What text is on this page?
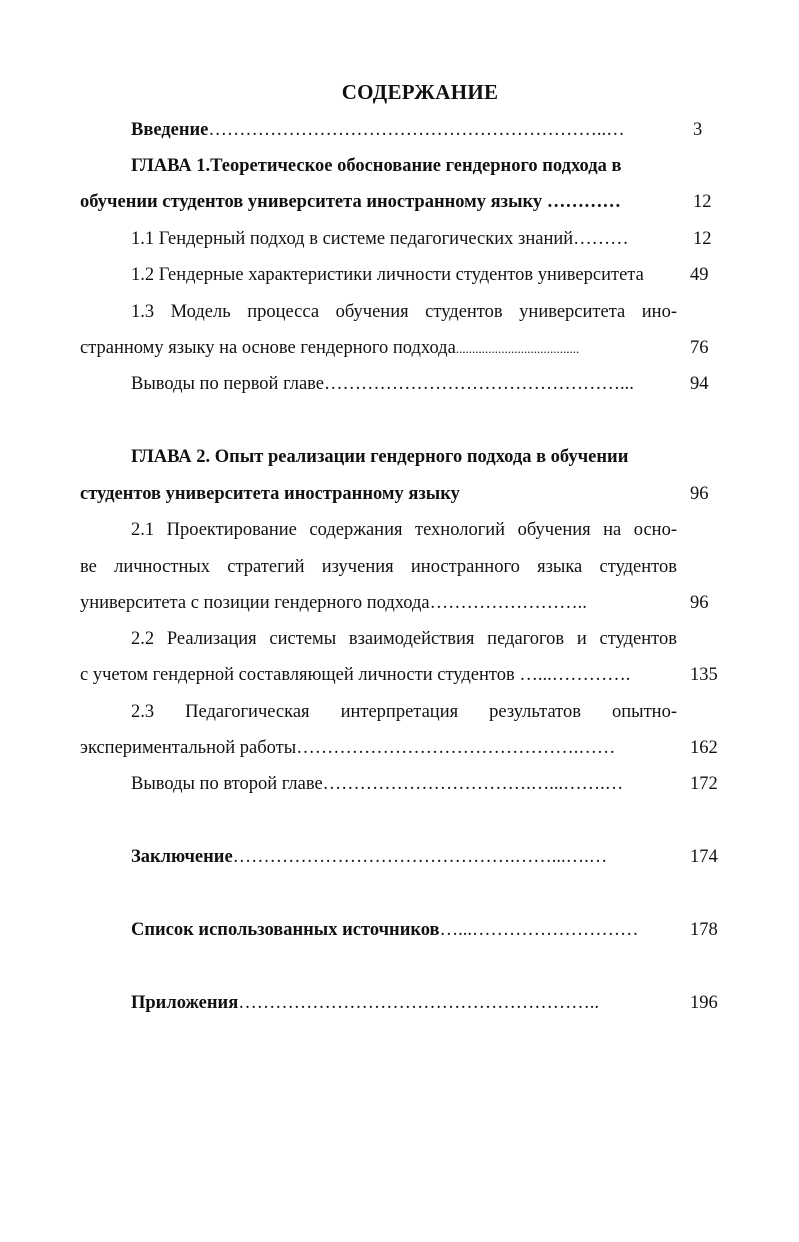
СОДЕРЖАНИЕ
Введение………………………………………………………..…	3
ГЛАВА 1.Теоретическое обоснование гендерного подхода в
обучении студентов университета иностранному языку …………	12
1.1 Гендерный подход в системе педагогических знаний………	12
1.2 Гендерные характеристики личности студентов университета	49
1.3 Модель процесса обучения студентов университета ино-
странному языку на основе гендерного подхода......................................	76
Выводы по первой главе…………………………………………...	94
ГЛАВА 2. Опыт реализации гендерного подхода в обучении
студентов университета иностранному языку	96
2.1 Проектирование содержания технологий обучения на осно-
ве личностных стратегий изучения иностранного языка студентов
университета с позиции гендерного подхода……………………..	96
2.2 Реализация системы взаимодействия педагогов и студентов
с учетом гендерной составляющей личности студентов …...………….	135
2.3 Педагогическая интерпретация результатов опытно-
экспериментальной работы……………………………………….……	162
Выводы по второй главе…………………………….…...…….…	172
Заключение……………………………………….……...….…	174
Список использованных источников…...………………………	178
Приложения…………………………………………………..	196
